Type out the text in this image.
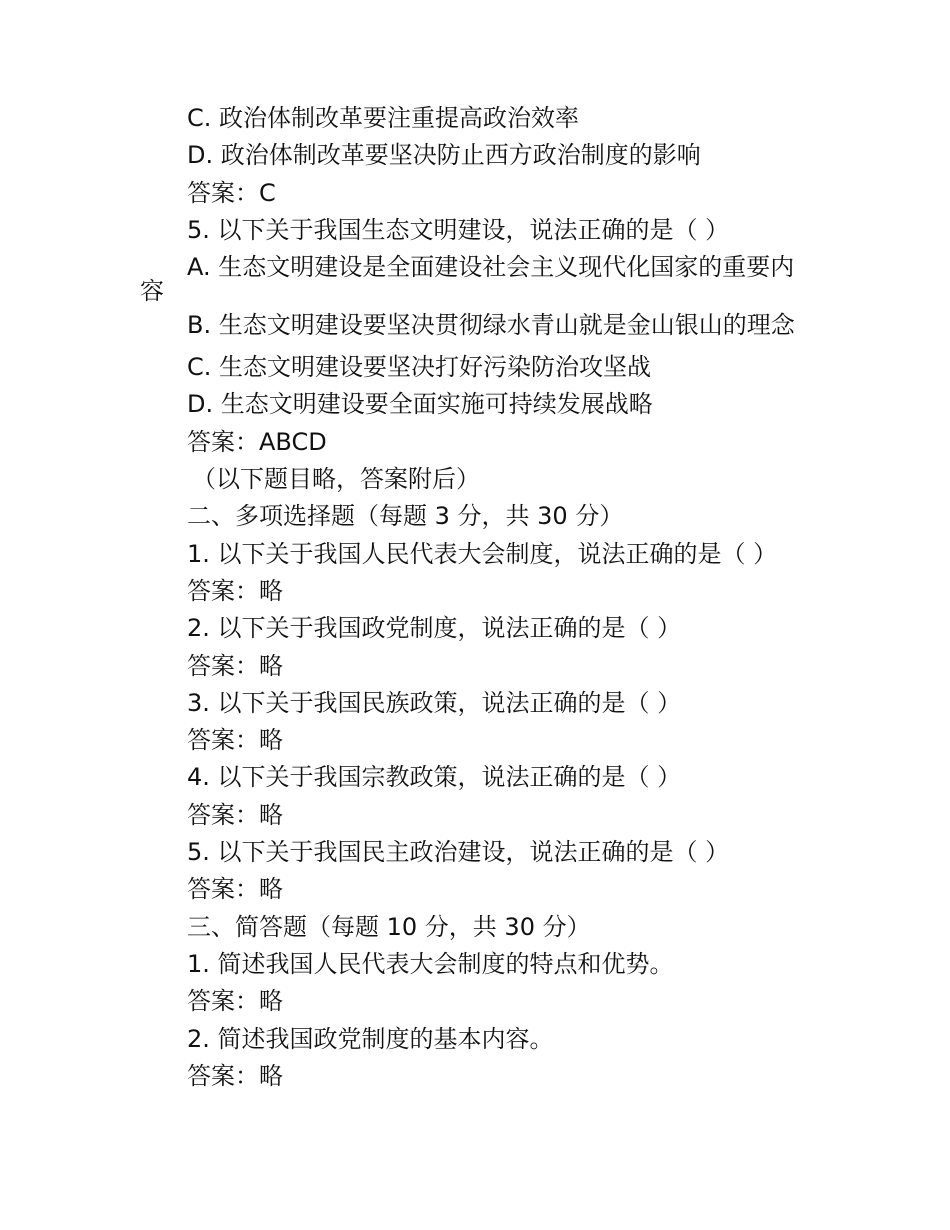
C. 政治体制改革要注重提高政治效率
D. 政治体制改革要坚决防止西方政治制度的影响
答案：C
5. 以下关于我国生态文明建设，说法正确的是（ ）
A. 生态文明建设是全面建设社会主义现代化国家的重要内容
B. 生态文明建设要坚决贯彻绿水青山就是金山银山的理念
C. 生态文明建设要坚决打好污染防治攻坚战
D. 生态文明建设要全面实施可持续发展战略
答案：ABCD
（以下题目略，答案附后）
二、多项选择题（每题 3 分，共 30 分）
1. 以下关于我国人民代表大会制度，说法正确的是（ ）
答案：略
2. 以下关于我国政党制度，说法正确的是（ ）
答案：略
3. 以下关于我国民族政策，说法正确的是（ ）
答案：略
4. 以下关于我国宗教政策，说法正确的是（ ）
答案：略
5. 以下关于我国民主政治建设，说法正确的是（ ）
答案：略
三、简答题（每题 10 分，共 30 分）
1. 简述我国人民代表大会制度的特点和优势。
答案：略
2. 简述我国政党制度的基本内容。
答案：略
